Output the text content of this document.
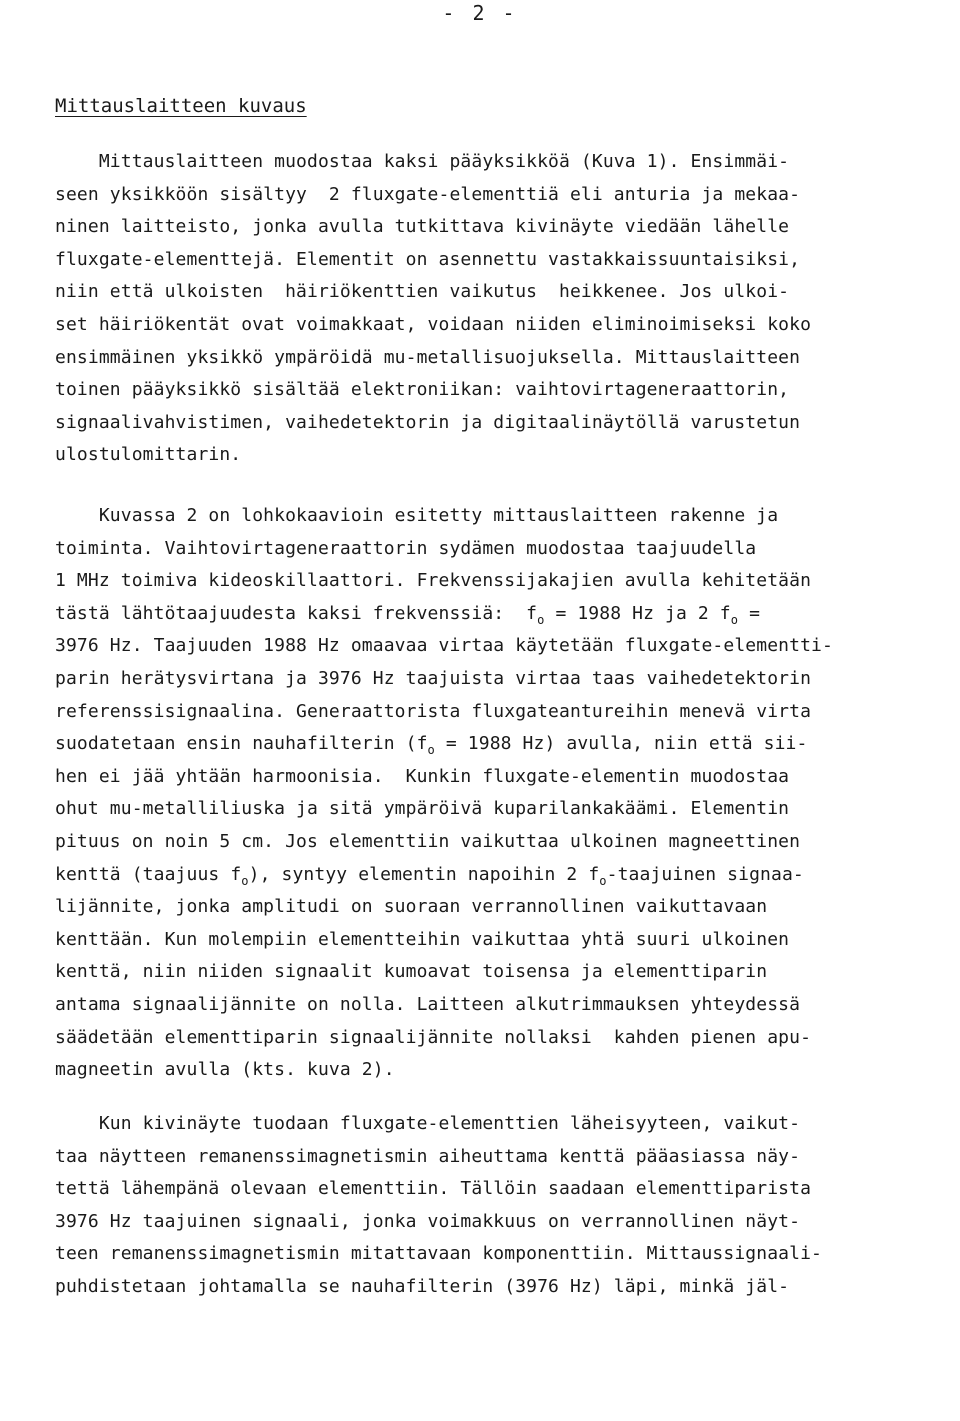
- 2 -
Mittauslaitteen kuvaus
Mittauslaitteen muodostaa kaksi pääyksikköä (Kuva 1). Ensimmäi-
seen yksikköön sisältyy  2 fluxgate-elementtiä eli anturia ja mekaa-
ninen laitteisto, jonka avulla tutkittava kivinäyte viedään lähelle
fluxgate-elementtejä. Elementit on asennettu vastakkaissuuntaisiksi,
niin että ulkoisten  häiriökenttien vaikutus  heikkenee. Jos ulkoi-
set häiriökentät ovat voimakkaat, voidaan niiden eliminoimiseksi koko
ensimmäinen yksikkö ympäröidä mu-metallisuojuksella. Mittauslaitteen
toinen pääyksikkö sisältää elektroniikan: vaihtovirtageneraattorin,
signaalivahvistimen, vaihedetektorin ja digitaalinäytöllä varustetun
ulostulomittarin.
Kuvassa 2 on lohkokaavioin esitetty mittauslaitteen rakenne ja
toiminta. Vaihtovirtageneraattorin sydämen muodostaa taajuudella
1 MHz toimiva kideoskillaattori. Frekvenssijakajien avulla kehitetään
tästä lähtötaajuudesta kaksi frekvenssiä:  $f_o = 1988$ Hz ja 2 $f_o$ =
3976 Hz. Taajuuden 1988 Hz omaavaa virtaa käytetään fluxgate-elementti-
parin herätysvirtana ja 3976 Hz taajuista virtaa taas vaihedetektorin
referenssisignaalina. Generaattorista fluxgateantureihin menevä virta
suodatetaan ensin nauhafilterin ($f_o = 1988$ Hz) avulla, niin että sii-
hen ei jää yhtään harmoonisia.  Kunkin fluxgate-elementin muodostaa
ohut mu-metalliliuska ja sitä ympäröivä kuparilankakäämi. Elementin
pituus on noin 5 cm. Jos elementtiin vaikuttaa ulkoinen magneettinen
kenttä (taajuus $f_o$), syntyy elementin napoihin 2 $f_o$-taajuinen signaa-
lijännite, jonka amplitudi on suoraan verrannollinen vaikuttavaan
kenttään. Kun molempiin elementteihin vaikuttaa yhtä suuri ulkoinen
kenttä, niin niiden signaalit kumoavat toisensa ja elementtiparin
antama signaalijännite on nolla. Laitteen alkutrimmauksen yhteydessä
säädetään elementtiparin signaalijännite nollaksi  kahden pienen apu-
magneetin avulla (kts. kuva 2).
Kun kivinäyte tuodaan fluxgate-elementtien läheisyyteen, vaikut-
taa näytteen remanenssimagnetismin aiheuttama kenttä pääasiassa näy-
tettä lähempänä olevaan elementtiin. Tällöin saadaan elementtiparista
3976 Hz taajuinen signaali, jonka voimakkuus on verrannollinen näyt-
teen remanenssimagnetismin mitattavaan komponenttiin. Mittaussignaali-
puhdistetaan johtamalla se nauhafilterin (3976 Hz) läpi, minkä jäl-
